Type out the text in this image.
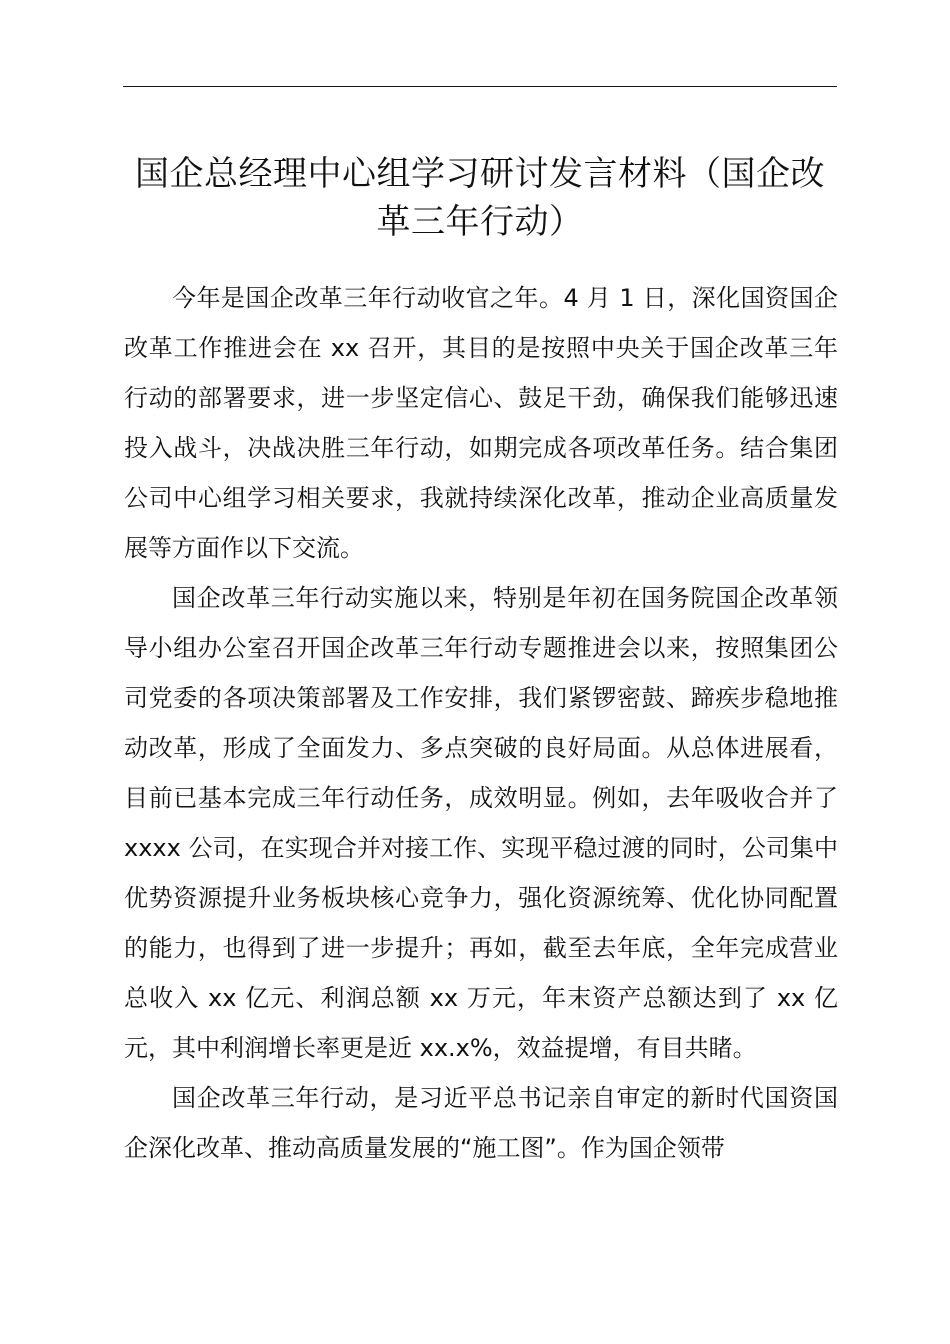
国企总经理中心组学习研讨发言材料（国企改
革三年行动）

今年是国企改革三年行动收官之年。4 月 1 日，深化国资国企改革工作推进会在 xx 召开，其目的是按照中央关于国企改革三年行动的部署要求，进一步坚定信心、鼓足干劲，确保我们能够迅速投入战斗，决战决胜三年行动，如期完成各项改革任务。结合集团公司中心组学习相关要求，我就持续深化改革，推动企业高质量发展等方面作以下交流。

国企改革三年行动实施以来，特别是年初在国务院国企改革领导小组办公室召开国企改革三年行动专题推进会以来，按照集团公司党委的各项决策部署及工作安排，我们紧锣密鼓、蹄疾步稳地推动改革，形成了全面发力、多点突破的良好局面。从总体进展看，目前已基本完成三年行动任务，成效明显。例如，去年吸收合并了 xxxx 公司，在实现合并对接工作、实现平稳过渡的同时，公司集中优势资源提升业务板块核心竞争力，强化资源统筹、优化协同配置的能力，也得到了进一步提升；再如，截至去年底，全年完成营业总收入 xx 亿元、利润总额 xx 万元，年末资产总额达到了 xx 亿元，其中利润增长率更是近 xx.x%，效益提增，有目共睹。

国企改革三年行动，是习近平总书记亲自审定的新时代国资国企深化改革、推动高质量发展的“施工图”。作为国企领带
